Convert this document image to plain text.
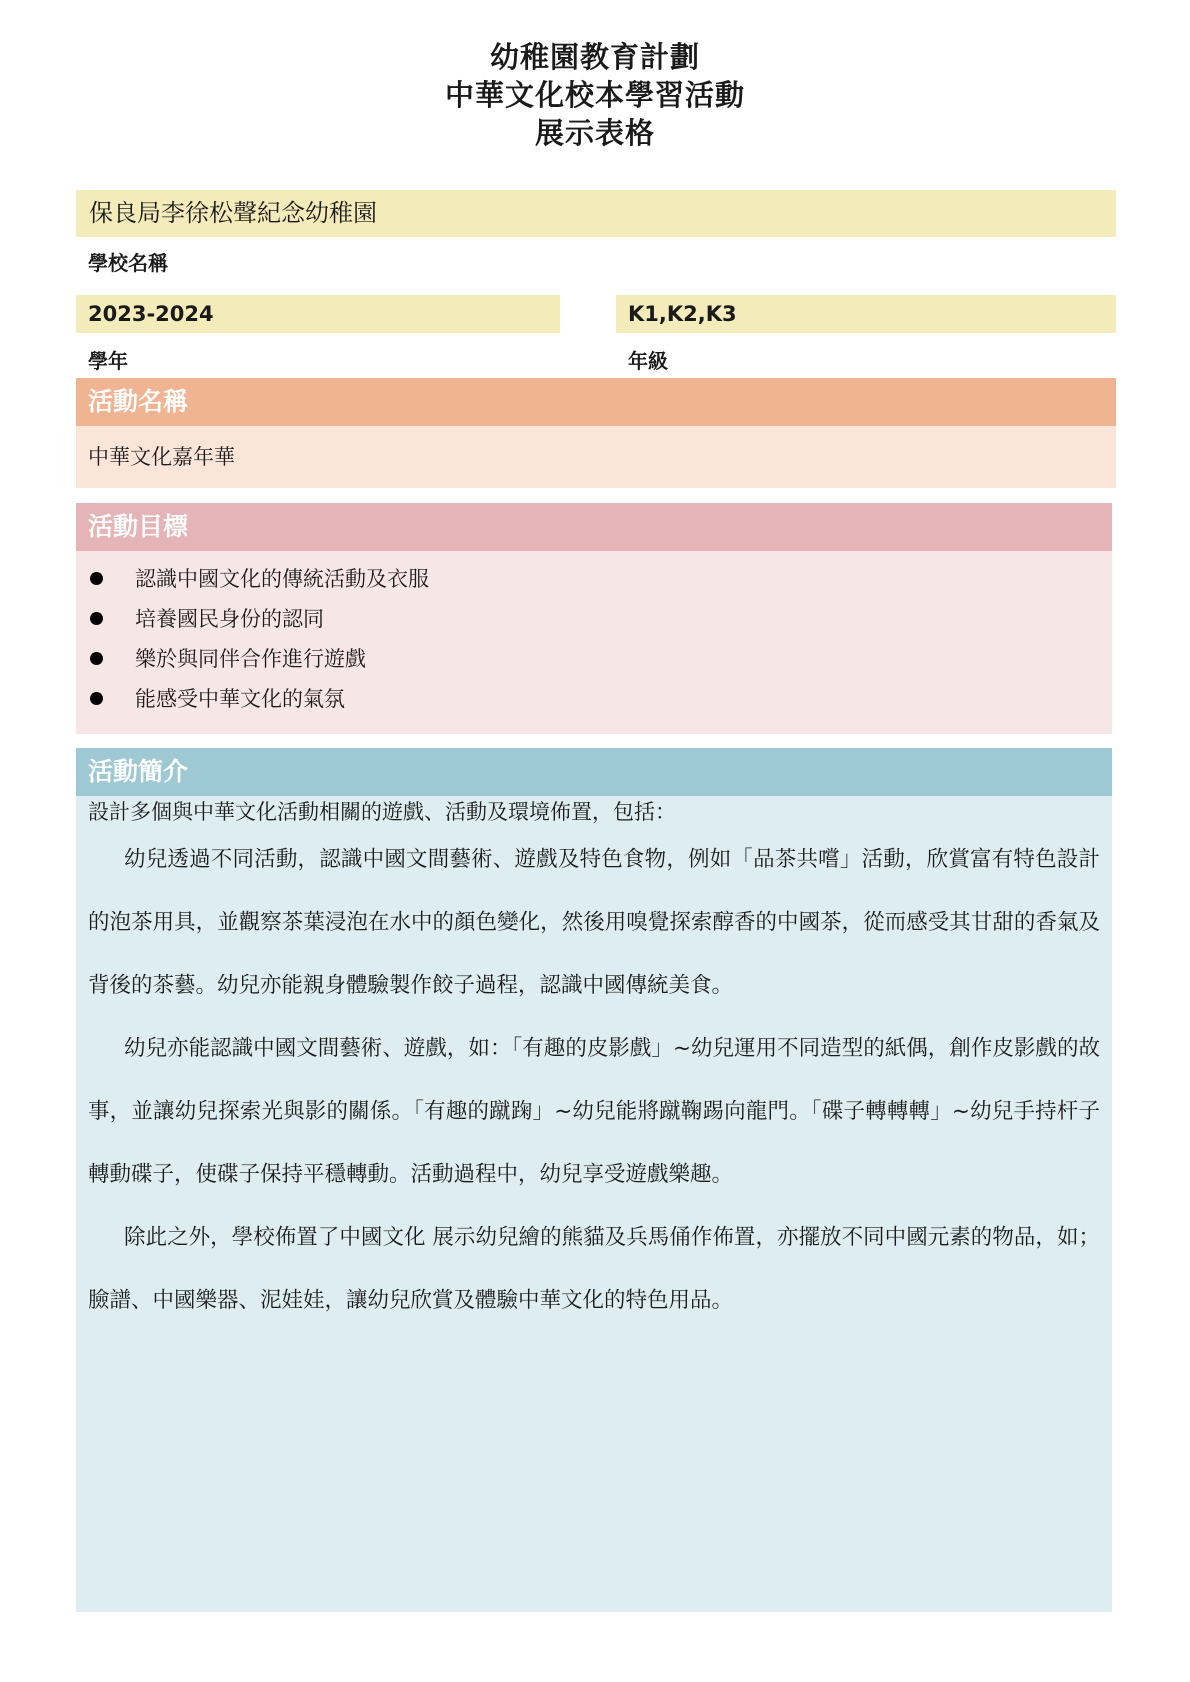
幼稚園教育計劃
中華文化校本學習活動
展示表格
保良局李徐松聲紀念幼稚園
學校名稱
2023-2024
學年
K1,K2,K3
年級
活動名稱
中華文化嘉年華
活動目標
認識中國文化的傳統活動及衣服
培養國民身份的認同
樂於與同伴合作進行遊戲
能感受中華文化的氣氛
活動簡介

設計多個與中華文化活動相關的遊戲、活動及環境佈置，包括：

幼兒透過不同活動，認識中國文間藝術、遊戲及特色食物，例如「品茶共嚐」活動，欣賞富有特色設計的泡茶用具，並觀察茶葉浸泡在水中的顏色變化，然後用嗅覺探索醇香的中國茶，從而感受其甘甜的香氣及背後的茶藝。幼兒亦能親身體驗製作餃子過程，認識中國傳統美食。

幼兒亦能認識中國文間藝術、遊戲，如：「有趣的皮影戲」~幼兒運用不同造型的紙偶，創作皮影戲的故事，並讓幼兒探索光與影的關係。「有趣的蹴踘」~幼兒能將蹴鞠踢向龍門。「碟子轉轉轉」~幼兒手持杆子轉動碟子，使碟子保持平穩轉動。活動過程中，幼兒享受遊戲樂趣。

除此之外，學校佈置了中國文化 展示幼兒繪的熊貓及兵馬俑作佈置，亦擺放不同中國元素的物品，如；臉譜、中國樂器、泥娃娃，讓幼兒欣賞及體驗中華文化的特色用品。
